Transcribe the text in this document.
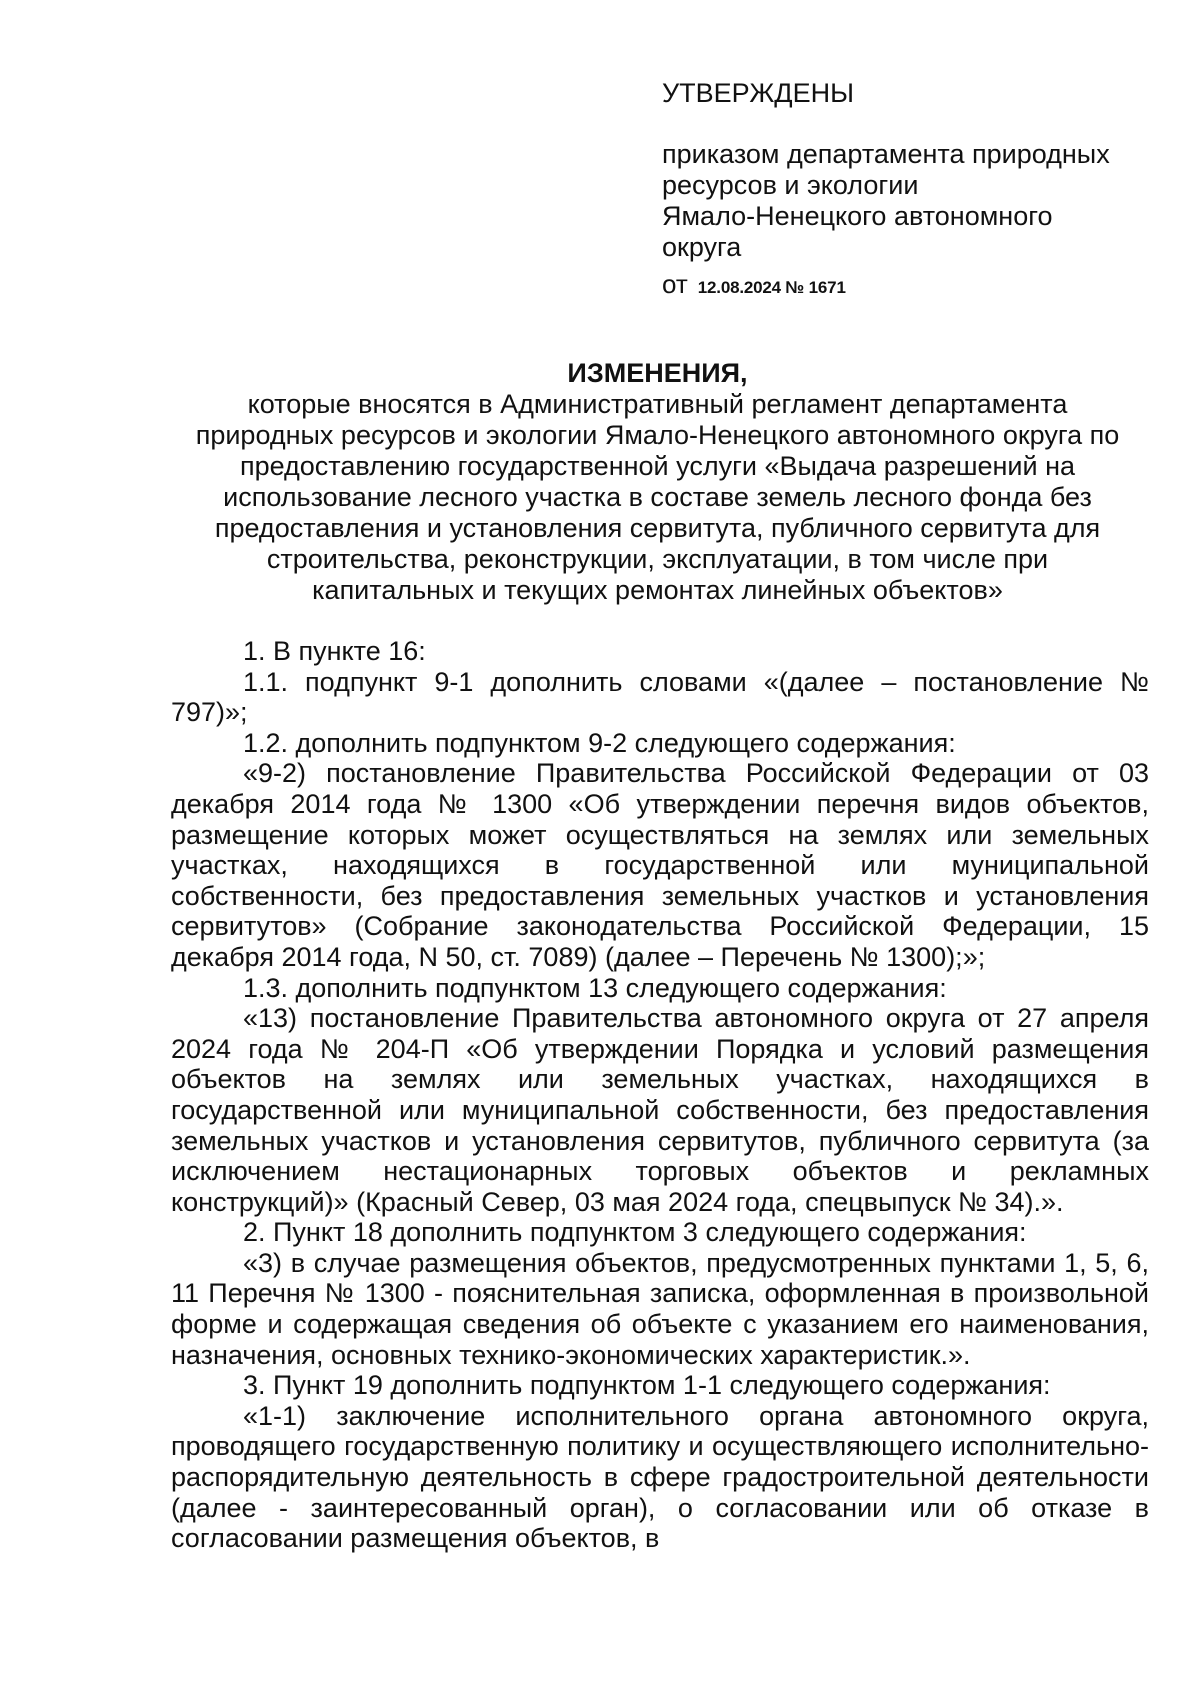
УТВЕРЖДЕНЫ
приказом департамента природных
ресурсов и экологии
Ямало-Ненецкого автономного
округа
от 12.08.2024 № 1671
ИЗМЕНЕНИЯ,
которые вносятся в Административный регламент департамента
природных ресурсов и экологии Ямало-Ненецкого автономного округа по
предоставлению государственной услуги «Выдача разрешений на
использование лесного участка в составе земель лесного фонда без
предоставления и установления сервитута, публичного сервитута для
строительства, реконструкции, эксплуатации, в том числе при
капитальных и текущих ремонтах линейных объектов»

1. В пункте 16:

1.1. подпункт 9-1 дополнить словами «(далее – постановление № 797)»;

1.2. дополнить подпунктом 9-2 следующего содержания:

«9-2) постановление Правительства Российской Федерации от 03 декабря 2014 года № 1300 «Об утверждении перечня видов объектов, размещение которых может осуществляться на землях или земельных участках, находящихся в государственной или муниципальной собственности, без предоставления земельных участков и установления сервитутов» (Собрание законодательства Российской Федерации, 15 декабря 2014 года, N 50, ст. 7089) (далее – Перечень № 1300);»;

1.3. дополнить подпунктом 13 следующего содержания:

«13) постановление Правительства автономного округа от 27 апреля 2024 года № 204-П «Об утверждении Порядка и условий размещения объектов на землях или земельных участках, находящихся в государственной или муниципальной собственности, без предоставления земельных участков и установления сервитутов, публичного сервитута (за исключением нестационарных торговых объектов и рекламных конструкций)» (Красный Север, 03 мая 2024 года, спецвыпуск № 34).».

2. Пункт 18 дополнить подпунктом 3 следующего содержания:

«3) в случае размещения объектов, предусмотренных пунктами 1, 5, 6, 11 Перечня № 1300 - пояснительная записка, оформленная в произвольной форме и содержащая сведения об объекте с указанием его наименования, назначения, основных технико-экономических характеристик.».

3. Пункт 19 дополнить подпунктом 1-1 следующего содержания:

«1-1) заключение исполнительного органа автономного округа, проводящего государственную политику и осуществляющего исполнительно-распорядительную деятельность в сфере градостроительной деятельности (далее - заинтересованный орган), о согласовании или об отказе в согласовании размещения объектов, в
